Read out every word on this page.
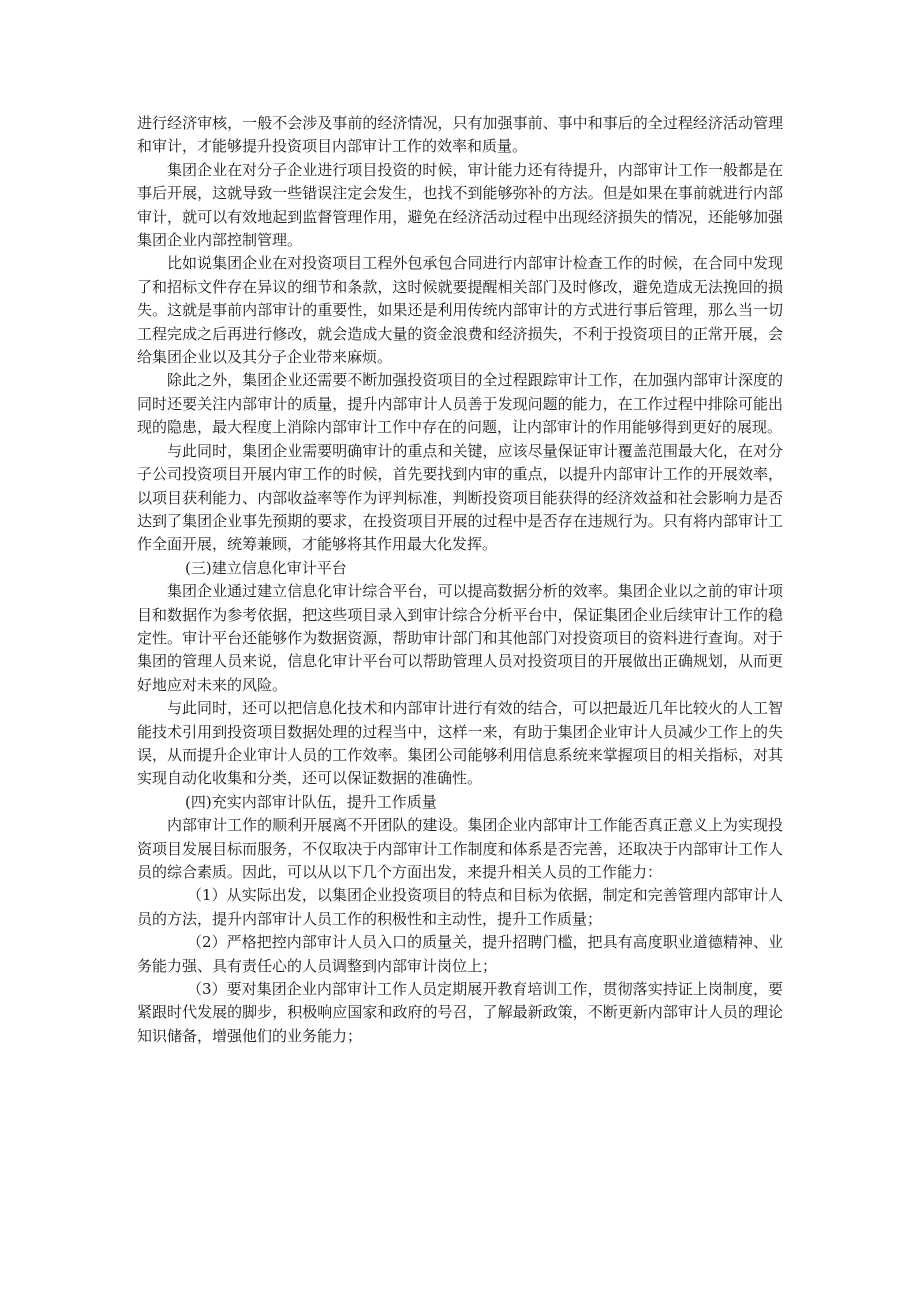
进行经济审核，一般不会涉及事前的经济情况，只有加强事前、事中和事后的全过程经济活动管理和审计，才能够提升投资项目内部审计工作的效率和质量。

集团企业在对分子企业进行项目投资的时候，审计能力还有待提升，内部审计工作一般都是在事后开展，这就导致一些错误注定会发生，也找不到能够弥补的方法。但是如果在事前就进行内部审计，就可以有效地起到监督管理作用，避免在经济活动过程中出现经济损失的情况，还能够加强集团企业内部控制管理。

比如说集团企业在对投资项目工程外包承包合同进行内部审计检查工作的时候，在合同中发现了和招标文件存在异议的细节和条款，这时候就要提醒相关部门及时修改，避免造成无法挽回的损失。这就是事前内部审计的重要性，如果还是利用传统内部审计的方式进行事后管理，那么当一切工程完成之后再进行修改，就会造成大量的资金浪费和经济损失，不利于投资项目的正常开展，会给集团企业以及其分子企业带来麻烦。

除此之外，集团企业还需要不断加强投资项目的全过程跟踪审计工作，在加强内部审计深度的同时还要关注内部审计的质量，提升内部审计人员善于发现问题的能力，在工作过程中排除可能出现的隐患，最大程度上消除内部审计工作中存在的问题，让内部审计的作用能够得到更好的展现。

与此同时，集团企业需要明确审计的重点和关键，应该尽量保证审计覆盖范围最大化，在对分子公司投资项目开展内审工作的时候，首先要找到内审的重点，以提升内部审计工作的开展效率，以项目获利能力、内部收益率等作为评判标准，判断投资项目能获得的经济效益和社会影响力是否达到了集团企业事先预期的要求，在投资项目开展的过程中是否存在违规行为。只有将内部审计工作全面开展，统筹兼顾，才能够将其作用最大化发挥。

(三)建立信息化审计平台

集团企业通过建立信息化审计综合平台，可以提高数据分析的效率。集团企业以之前的审计项目和数据作为参考依据，把这些项目录入到审计综合分析平台中，保证集团企业后续审计工作的稳定性。审计平台还能够作为数据资源，帮助审计部门和其他部门对投资项目的资料进行查询。对于集团的管理人员来说，信息化审计平台可以帮助管理人员对投资项目的开展做出正确规划，从而更好地应对未来的风险。

与此同时，还可以把信息化技术和内部审计进行有效的结合，可以把最近几年比较火的人工智能技术引用到投资项目数据处理的过程当中，这样一来，有助于集团企业审计人员减少工作上的失误，从而提升企业审计人员的工作效率。集团公司能够利用信息系统来掌握项目的相关指标，对其实现自动化收集和分类，还可以保证数据的准确性。

(四)充实内部审计队伍，提升工作质量

内部审计工作的顺利开展离不开团队的建设。集团企业内部审计工作能否真正意义上为实现投资项目发展目标而服务，不仅取决于内部审计工作制度和体系是否完善，还取决于内部审计工作人员的综合素质。因此，可以从以下几个方面出发，来提升相关人员的工作能力：

（1）从实际出发，以集团企业投资项目的特点和目标为依据，制定和完善管理内部审计人员的方法，提升内部审计人员工作的积极性和主动性，提升工作质量；

（2）严格把控内部审计人员入口的质量关，提升招聘门槛，把具有高度职业道德精神、业务能力强、具有责任心的人员调整到内部审计岗位上；

（3）要对集团企业内部审计工作人员定期展开教育培训工作，贯彻落实持证上岗制度，要紧跟时代发展的脚步，积极响应国家和政府的号召，了解最新政策，不断更新内部审计人员的理论知识储备，增强他们的业务能力；
